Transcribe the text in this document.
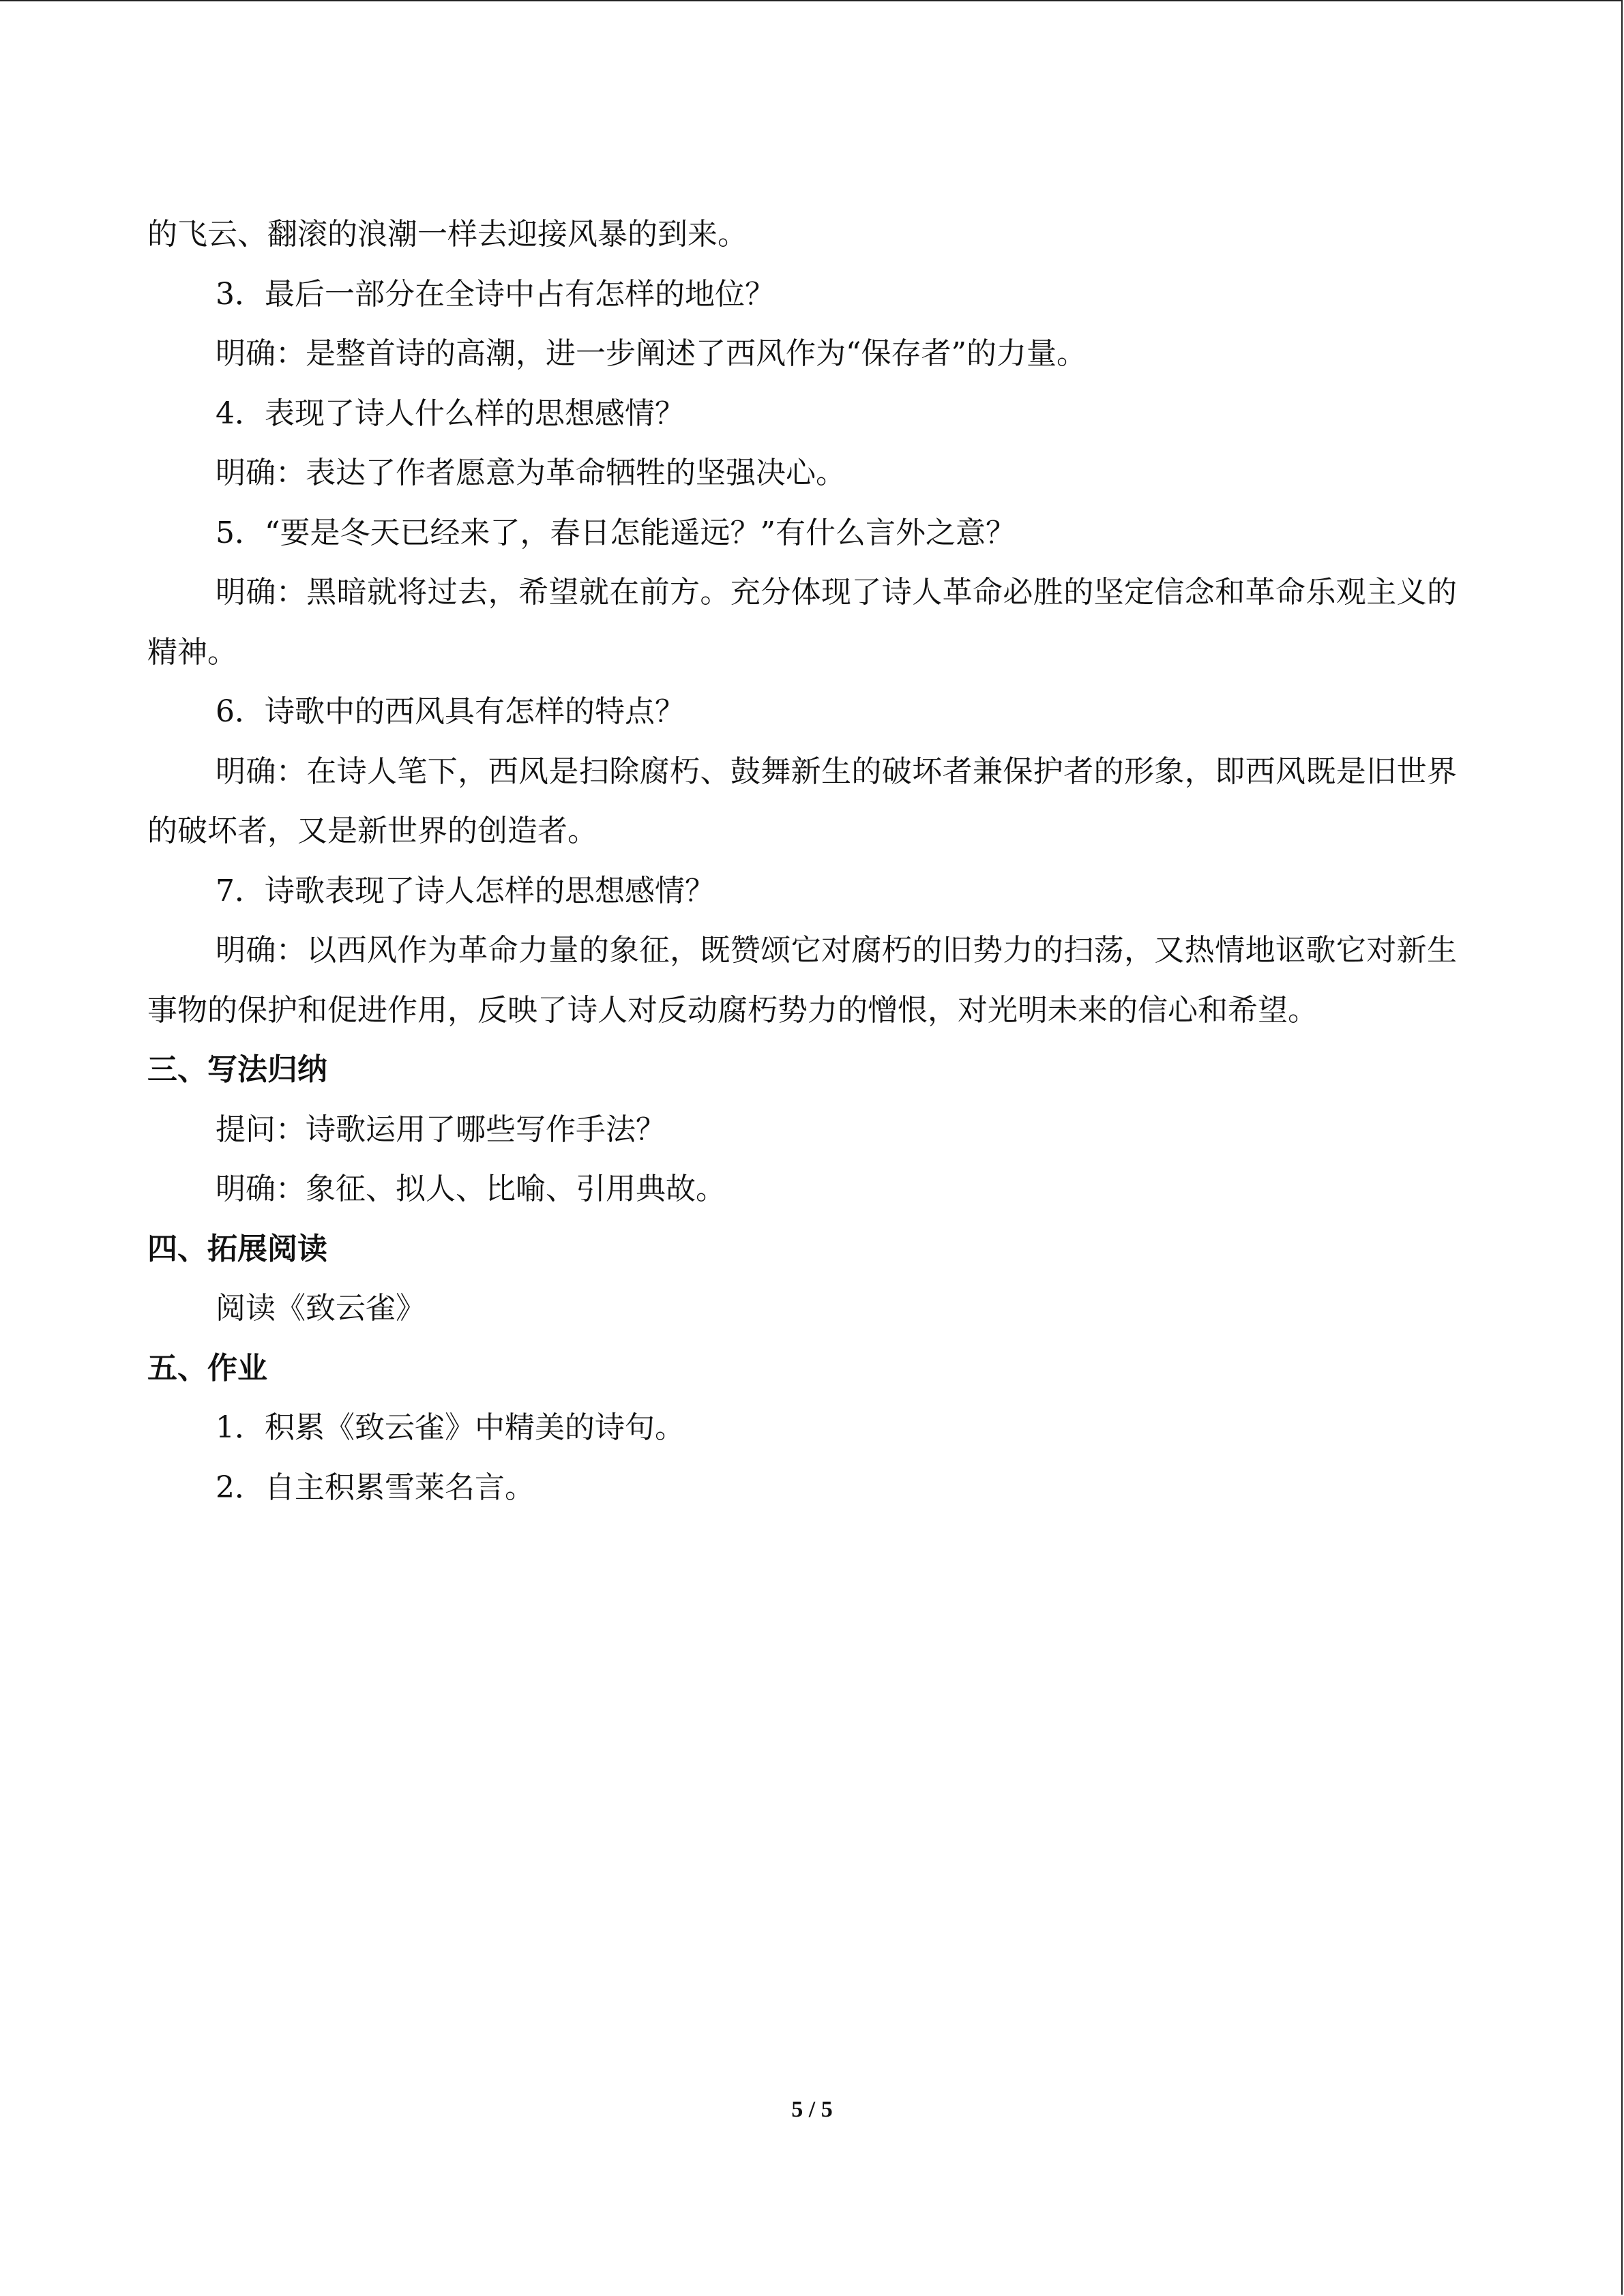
的飞云、翻滚的浪潮一样去迎接风暴的到来。

3．最后一部分在全诗中占有怎样的地位？

明确：是整首诗的高潮，进一步阐述了西风作为“保存者”的力量。

4．表现了诗人什么样的思想感情？

明确：表达了作者愿意为革命牺牲的坚强决心。

5．“要是冬天已经来了，春日怎能遥远？”有什么言外之意？

明确：黑暗就将过去，希望就在前方。充分体现了诗人革命必胜的坚定信念和革命乐观主义的精神。

6．诗歌中的西风具有怎样的特点？

明确：在诗人笔下，西风是扫除腐朽、鼓舞新生的破坏者兼保护者的形象，即西风既是旧世界的破坏者，又是新世界的创造者。

7．诗歌表现了诗人怎样的思想感情？

明确：以西风作为革命力量的象征，既赞颂它对腐朽的旧势力的扫荡，又热情地讴歌它对新生事物的保护和促进作用，反映了诗人对反动腐朽势力的憎恨，对光明未来的信心和希望。

三、写法归纳

提问：诗歌运用了哪些写作手法？

明确：象征、拟人、比喻、引用典故。

四、拓展阅读

阅读《致云雀》

五、作业

1．积累《致云雀》中精美的诗句。

2．自主积累雪莱名言。

5 / 5
